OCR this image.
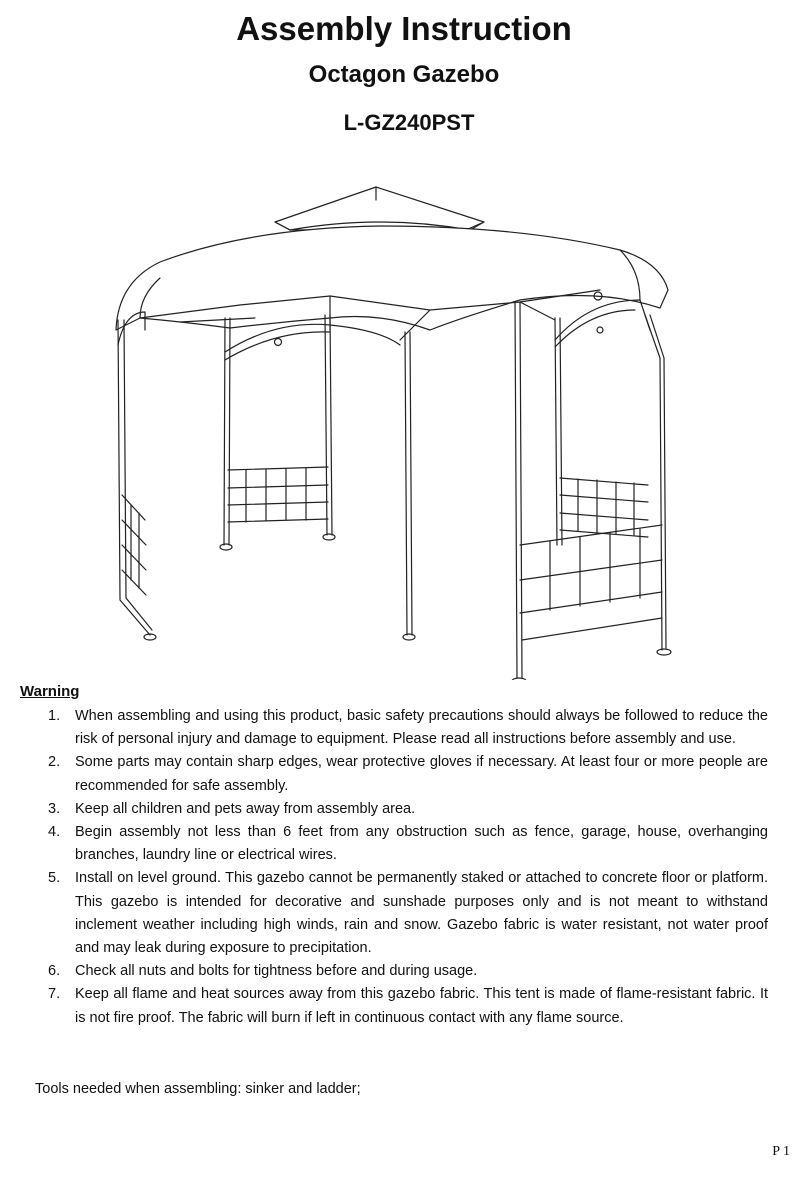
Assembly Instruction
Octagon Gazebo
L-GZ240PST
Warning
1. When assembling and using this product, basic safety precautions should always be followed to reduce the risk of personal injury and damage to equipment. Please read all instructions before assembly and use.
2. Some parts may contain sharp edges, wear protective gloves if necessary. At least four or more people are recommended for safe assembly.
3. Keep all children and pets away from assembly area.
4. Begin assembly not less than 6 feet from any obstruction such as fence, garage, house, overhanging branches, laundry line or electrical wires.
5. Install on level ground. This gazebo cannot be permanently staked or attached to concrete floor or platform. This gazebo is intended for decorative and sunshade purposes only and is not meant to withstand inclement weather including high winds, rain and snow. Gazebo fabric is water resistant, not water proof and may leak during exposure to precipitation.
6. Check all nuts and bolts for tightness before and during usage.
7. Keep all flame and heat sources away from this gazebo fabric. This tent is made of flame-resistant fabric. It is not fire proof. The fabric will burn if left in continuous contact with any flame source.

Tools needed when assembling: sinker and ladder;

P 1
